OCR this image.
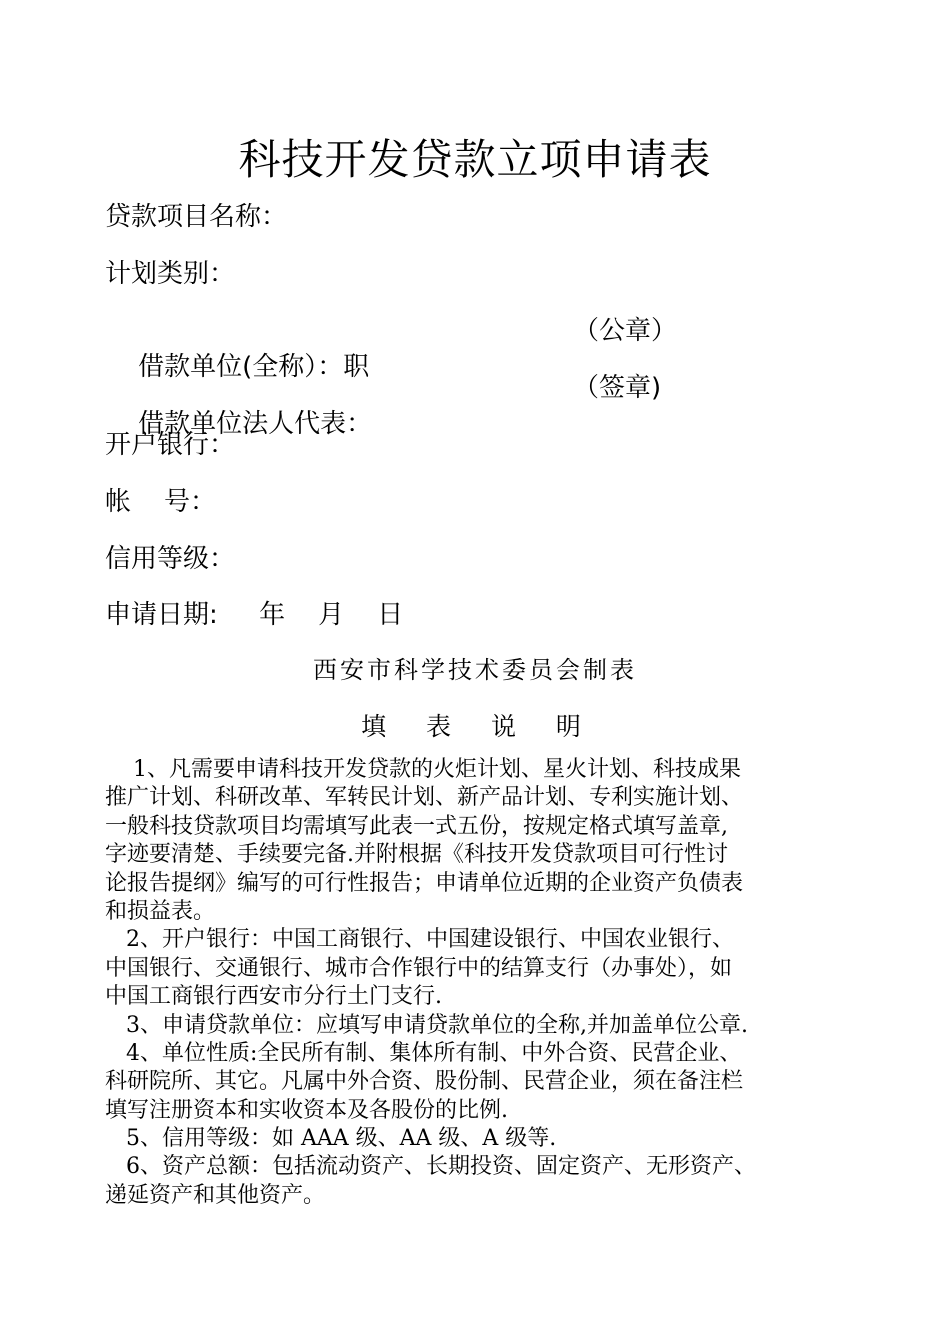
科技开发贷款立项申请表
贷款项目名称：
计划类别：

借款单位(全称）：职

（公章）

借款单位法人代表：

（签章)

开户银行：
帐    号：
信用等级：
申请日期:     年    月    日
西安市科学技术委员会制表
填 表 说 明
1、凡需要申请科技开发贷款的火炬计划、星火计划、科技成果
推广计划、科研改革、军转民计划、新产品计划、专利实施计划、
一般科技贷款项目均需填写此表一式五份，按规定格式填写盖章,
字迹要清楚、手续要完备.并附根据《科技开发贷款项目可行性讨
论报告提纲》编写的可行性报告；申请单位近期的企业资产负债表
和损益表。
2、开户银行：中国工商银行、中国建设银行、中国农业银行、
中国银行、交通银行、城市合作银行中的结算支行（办事处），如
中国工商银行西安市分行土门支行.
3、申请贷款单位：应填写申请贷款单位的全称,并加盖单位公章.
4、单位性质:全民所有制、集体所有制、中外合资、民营企业、
科研院所、其它。凡属中外合资、股份制、民营企业，须在备注栏
填写注册资本和实收资本及各股份的比例.
5、信用等级：如 AAA 级、AA 级、A 级等.
6、资产总额：包括流动资产、长期投资、固定资产、无形资产、
递延资产和其他资产。
